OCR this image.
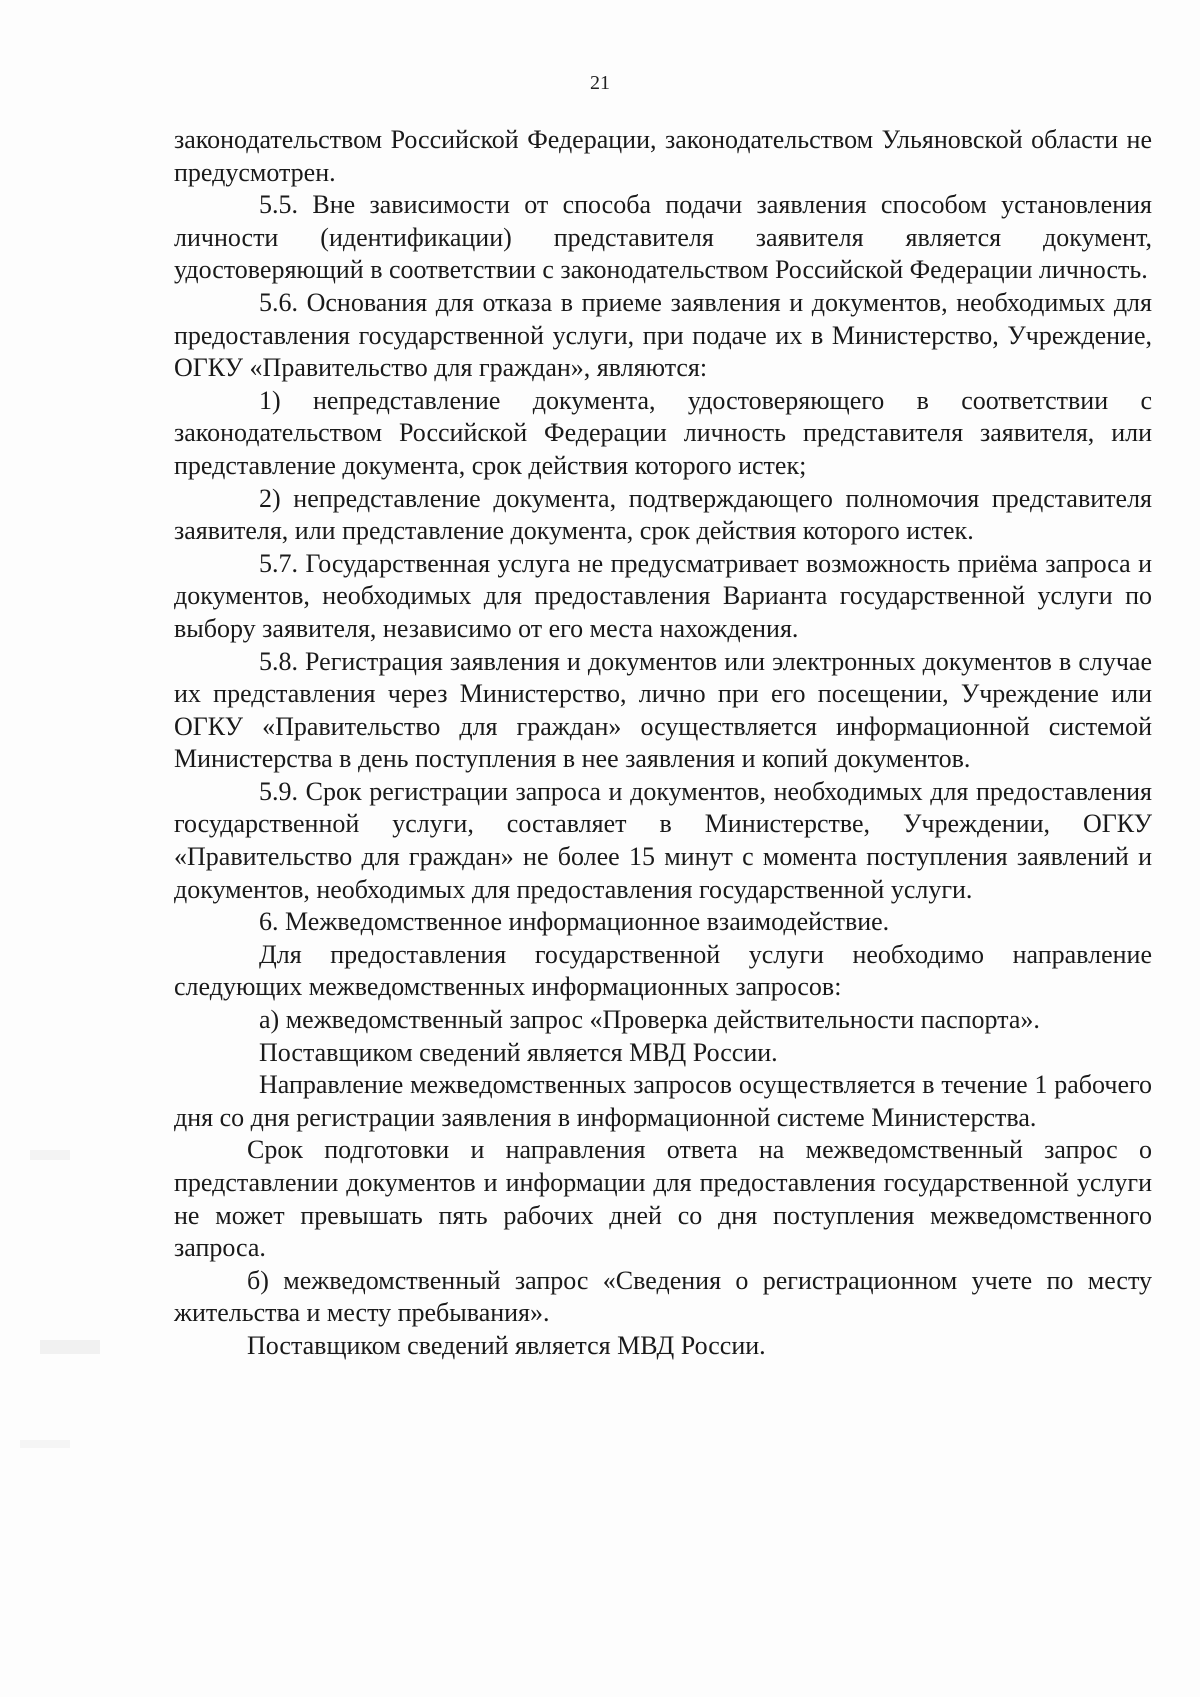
21

законодательством Российской Федерации, законодательством Ульяновской области не предусмотрен.

5.5. Вне зависимости от способа подачи заявления способом установления личности (идентификации) представителя заявителя является документ, удостоверяющий в соответствии с законодательством Российской Федерации личность.

5.6. Основания для отказа в приеме заявления и документов, необходимых для предоставления государственной услуги, при подаче их в Министерство, Учреждение, ОГКУ «Правительство для граждан», являются:

1) непредставление документа, удостоверяющего в соответствии с законодательством Российской Федерации личность представителя заявителя, или представление документа, срок действия которого истек;

2) непредставление документа, подтверждающего полномочия представителя заявителя, или представление документа, срок действия которого истек.

5.7. Государственная услуга не предусматривает возможность приёма запроса и документов, необходимых для предоставления Варианта государственной услуги по выбору заявителя, независимо от его места нахождения.

5.8. Регистрация заявления и документов или электронных документов в случае их представления через Министерство, лично при его посещении, Учреждение или ОГКУ «Правительство для граждан» осуществляется информационной системой Министерства в день поступления в нее заявления и копий документов.

5.9. Срок регистрации запроса и документов, необходимых для предоставления государственной услуги, составляет в Министерстве, Учреждении, ОГКУ «Правительство для граждан» не более 15 минут с момента поступления заявлений и документов, необходимых для предоставления государственной услуги.

6. Межведомственное информационное взаимодействие.

Для предоставления государственной услуги необходимо направление следующих межведомственных информационных запросов:

а) межведомственный запрос «Проверка действительности паспорта».

Поставщиком сведений является МВД России.

Направление межведомственных запросов осуществляется в течение 1 рабочего дня со дня регистрации заявления в информационной системе Министерства.

Срок подготовки и направления ответа на межведомственный запрос о представлении документов и информации для предоставления государственной услуги не может превышать пять рабочих дней со дня поступления межведомственного запроса.

б) межведомственный запрос «Сведения о регистрационном учете по месту жительства и месту пребывания».

Поставщиком сведений является МВД России.
